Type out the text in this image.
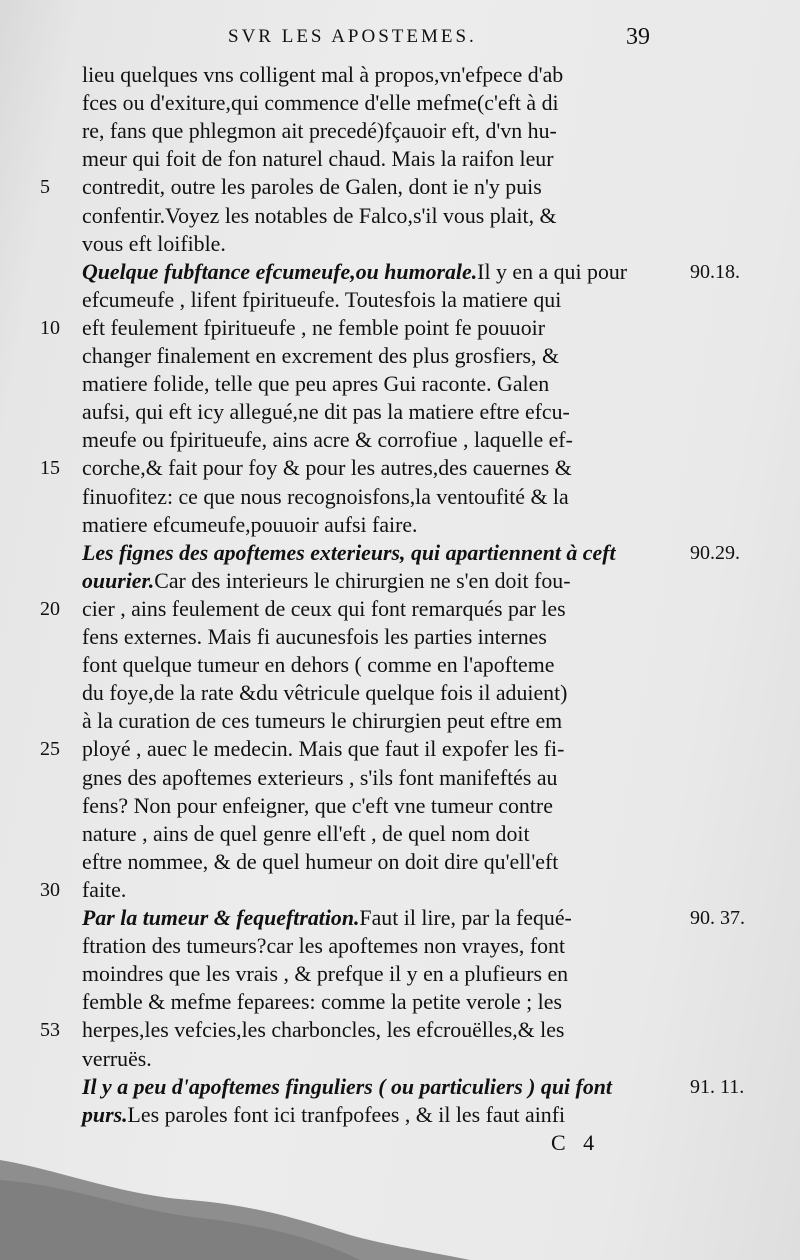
SVR LES APOSTEMES.	39
lieu quelques vns colligent mal à propos,vn'efpece d'ab
fces ou d'exiture,qui commence d'elle mefme(c'eft à di
re, fans que phlegmon ait precedé)fçauoir eft, d'vn hu-
meur qui foit de fon naturel chaud. Mais la raifon leur
contredit, outre les paroles de Galen, dont ie n'y puis
confentir.Voyez les notables de Falco,s'il vous plait, &
vous eft loifible.
Quelque fubftance efcumeufe,ou humorale.Il y en a qui pour
efcumeufe , lifent fpiritueufe. Toutesfois la matiere qui
eft feulement fpiritueufe , ne femble point fe pouuoir
changer finalement en excrement des plus grosfiers, &
matiere folide, telle que peu apres Gui raconte. Galen
aufsi, qui eft icy allegué,ne dit pas la matiere eftre efcu-
meufe ou fpiritueufe, ains acre & corrofiue , laquelle ef-
corche,& fait pour foy & pour les autres,des cauernes &
finuofitez: ce que nous recognoisfons,la ventoufité & la
matiere efcumeufe,pouuoir aufsi faire.
Les fignes des apoftemes exterieurs, qui apartiennent à ceft
ouurier.Car des interieurs le chirurgien ne s'en doit fou-
cier , ains feulement de ceux qui font remarqués par les
fens externes. Mais fi aucunesfois les parties internes
font quelque tumeur en dehors ( comme en l'apofteme
du foye,de la rate &du vêtricule quelque fois il aduient)
à la curation de ces tumeurs le chirurgien peut eftre em
ployé , auec le medecin. Mais que faut il expofer les fi-
gnes des apoftemes exterieurs , s'ils font manifeftés au
fens? Non pour enfeigner, que c'eft vne tumeur contre
nature , ains de quel genre ell'eft , de quel nom doit
eftre nommee, & de quel humeur on doit dire qu'ell'eft
faite.
Par la tumeur & fequeftration.Faut il lire, par la fequé-
ftration des tumeurs?car les apoftemes non vrayes, font
moindres que les vrais , & prefque il y en a plufieurs en
femble & mefme feparees: comme la petite verole ; les
herpes,les vefcies,les charboncles, les efcrouëlles,& les
verruës.
Il y a peu d'apoftemes finguliers ( ou particuliers ) qui font
purs.Les paroles font ici tranfpofees , & il les faut ainfi
C 4
5
10
15
20
25
30
53
90.18.
90.29.
90. 37.
91. 11.
